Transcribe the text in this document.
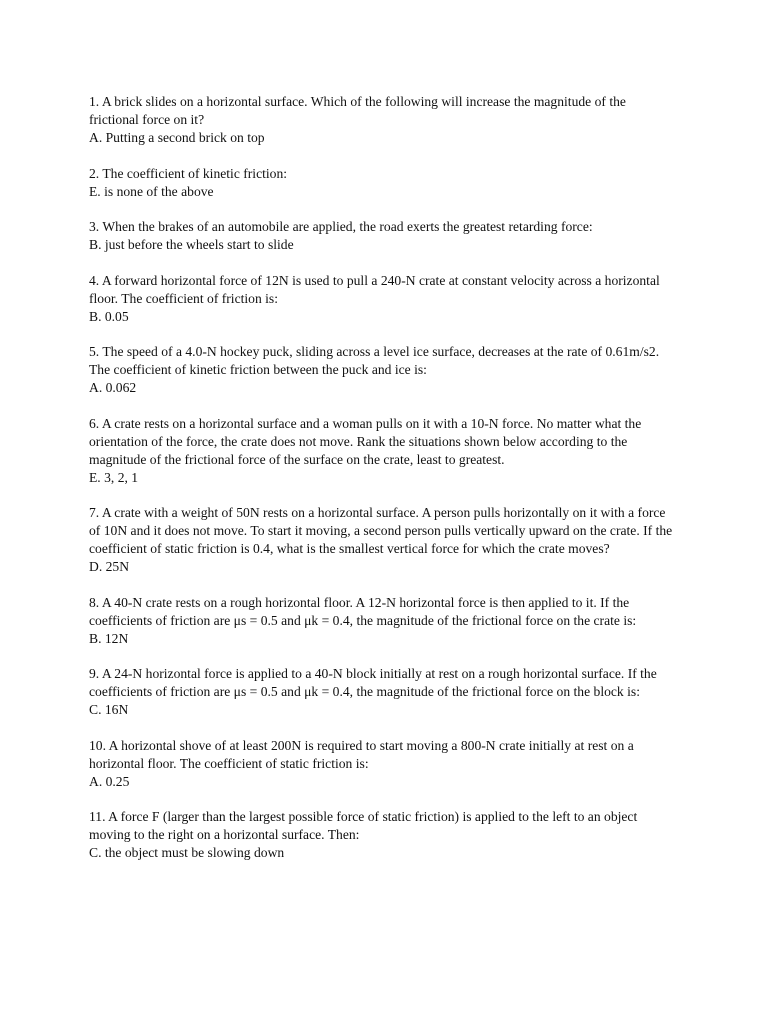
1. A brick slides on a horizontal surface. Which of the following will increase the magnitude of the frictional force on it?
A. Putting a second brick on top
2. The coefficient of kinetic friction:
E. is none of the above
3. When the brakes of an automobile are applied, the road exerts the greatest retarding force:
B. just before the wheels start to slide
4. A forward horizontal force of 12N is used to pull a 240-N crate at constant velocity across a horizontal floor. The coefficient of friction is:
B. 0.05
5. The speed of a 4.0-N hockey puck, sliding across a level ice surface, decreases at the rate of 0.61m/s2. The coefficient of kinetic friction between the puck and ice is:
A. 0.062
6. A crate rests on a horizontal surface and a woman pulls on it with a 10-N force. No matter what the orientation of the force, the crate does not move. Rank the situations shown below according to the magnitude of the frictional force of the surface on the crate, least to greatest.
E. 3, 2, 1
7. A crate with a weight of 50N rests on a horizontal surface. A person pulls horizontally on it with a force of 10N and it does not move. To start it moving, a second person pulls vertically upward on the crate. If the coefficient of static friction is 0.4, what is the smallest vertical force for which the crate moves?
D. 25N
8. A 40-N crate rests on a rough horizontal floor. A 12-N horizontal force is then applied to it. If the coefficients of friction are μs = 0.5 and μk = 0.4, the magnitude of the frictional force on the crate is:
B. 12N
9. A 24-N horizontal force is applied to a 40-N block initially at rest on a rough horizontal surface. If the coefficients of friction are μs = 0.5 and μk = 0.4, the magnitude of the frictional force on the block is:
C. 16N
10. A horizontal shove of at least 200N is required to start moving a 800-N crate initially at rest on a horizontal floor. The coefficient of static friction is:
A. 0.25
11. A force F (larger than the largest possible force of static friction) is applied to the left to an object moving to the right on a horizontal surface. Then:
C. the object must be slowing down
